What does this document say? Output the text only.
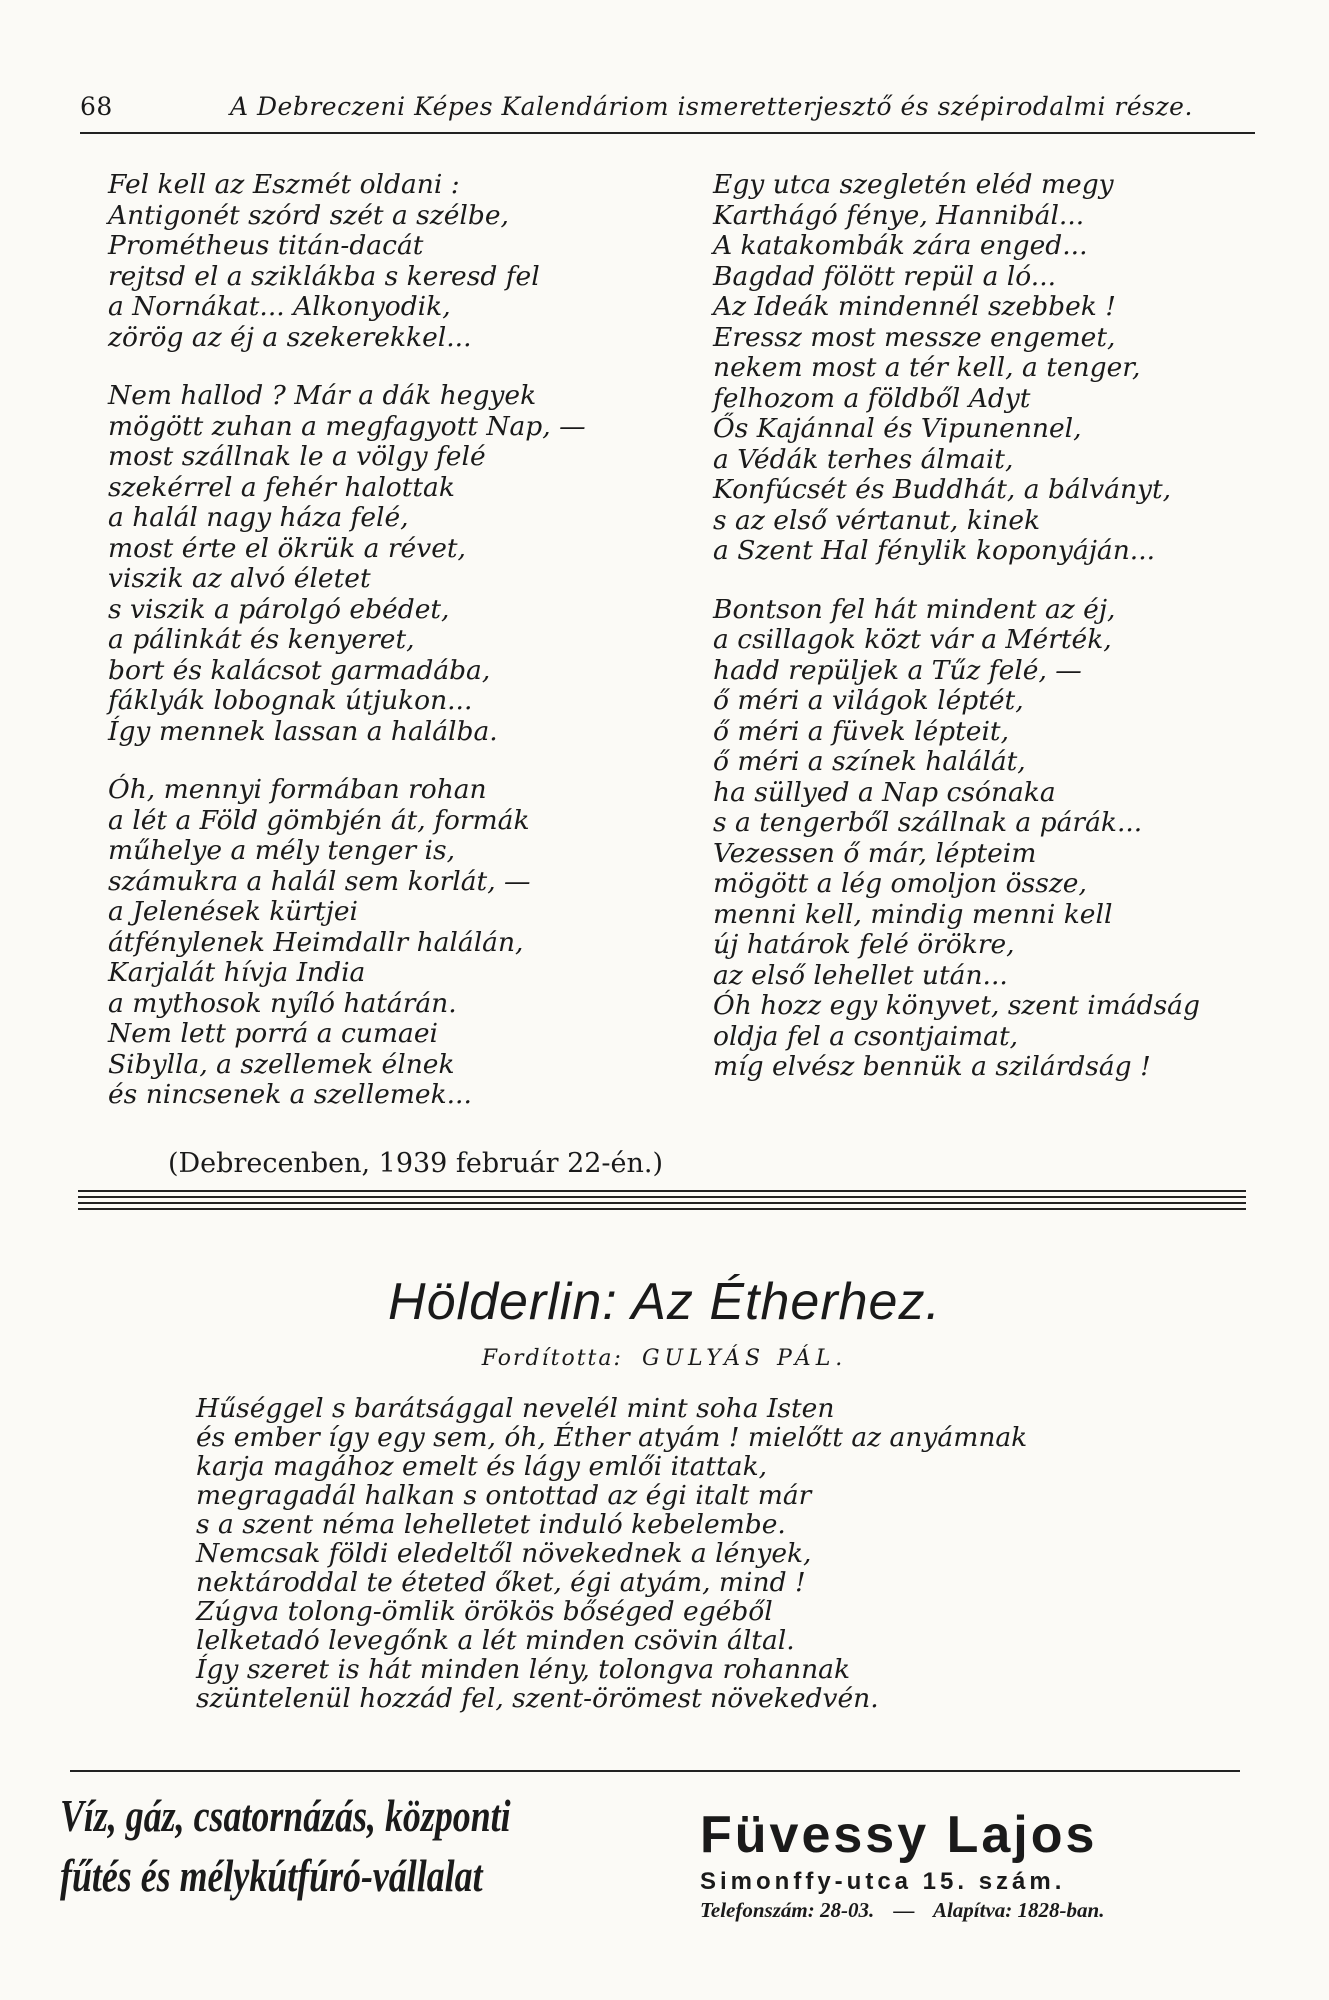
68	A Debreczeni Képes Kalendáriom ismeretterjesztő és szépirodalmi része.
Fel kell az Eszmét oldani :
Antigonét szórd szét a szélbe,
Prométheus titán-dacát
rejtsd el a sziklákba s keresd fel
a Nornákat... Alkonyodik,
zörög az éj a szekerekkel...
Nem hallod ? Már a dák hegyek
mögött zuhan a megfagyott Nap, —
most szállnak le a völgy felé
szekérrel a fehér halottak
a halál nagy háza felé,
most érte el ökrük a révet,
viszik az alvó életet
s viszik a párolgó ebédet,
a pálinkát és kenyeret,
bort és kalácsot garmadába,
fáklyák lobognak útjukon...
Így mennek lassan a halálba.
Óh, mennyi formában rohan
a lét a Föld gömbjén át, formák
műhelye a mély tenger is,
számukra a halál sem korlát, —
a Jelenések kürtjei
átfénylenek Heimdallr halálán,
Karjalát hívja India
a mythosok nyíló határán.
Nem lett porrá a cumaei
Sibylla, a szellemek élnek
és nincsenek a szellemek...
Egy utca szegletén eléd megy
Karthágó fénye, Hannibál...
A katakombák zára enged...
Bagdad fölött repül a ló...
Az Ideák mindennél szebbek !
Eressz most messze engemet,
nekem most a tér kell, a tenger,
felhozom a földből Adyt
Ős Kajánnal és Vipunennel,
a Védák terhes álmait,
Konfúcsét és Buddhát, a bálványt,
s az első vértanut, kinek
a Szent Hal fénylik koponyáján...
Bontson fel hát mindent az éj,
a csillagok közt vár a Mérték,
hadd repüljek a Tűz felé, —
ő méri a világok léptét,
ő méri a füvek lépteit,
ő méri a színek halálát,
ha süllyed a Nap csónaka
s a tengerből szállnak a párák...
Vezessen ő már, lépteim
mögött a lég omoljon össze,
menni kell, mindig menni kell
új határok felé örökre,
az első lehellet után...
Óh hozz egy könyvet, szent imádság
oldja fel a csontjaimat,
míg elvész bennük a szilárdság !
(Debrecenben, 1939 február 22-én.)
Hölderlin: Az Étherhez.
Fordította: GULYÁS PÁL.
Hűséggel s barátsággal nevelél mint soha Isten
és ember így egy sem, óh, Éther atyám ! mielőtt az anyámnak
karja magához emelt és lágy emlői itattak,
megragadál halkan s ontottad az égi italt már
s a szent néma lehelletet induló kebelembe.
Nemcsak földi eledeltől növekednek a lények,
nektároddal te éteted őket, égi atyám, mind !
Zúgva tolong-ömlik örökös bőséged egéből
lelketadó levegőnk a lét minden csövin által.
Így szeret is hát minden lény, tolongva rohannak
szüntelenül hozzád fel, szent-örömest növekedvén.
Víz, gáz, csatornázás, központi
fűtés és mélykútfúró-vállalat
Füvessy Lajos
Simonffy-utca 15. szám.
Telefonszám: 28-03. — Alapítva: 1828-ban.
